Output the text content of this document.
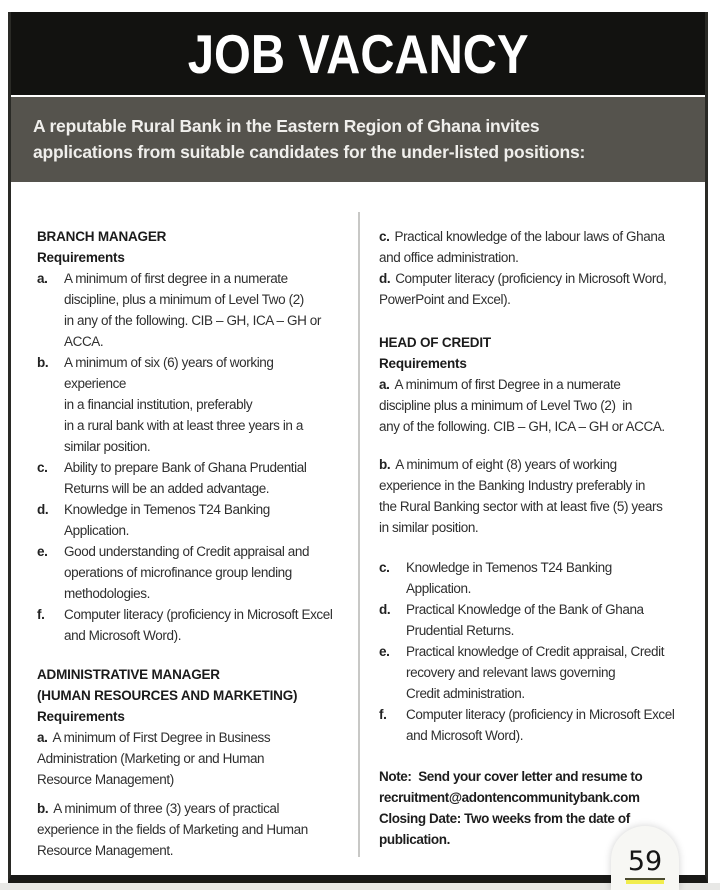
JOB VACANCY
A reputable Rural Bank in the Eastern Region of Ghana invites
applications from suitable candidates for the under-listed positions:
BRANCH MANAGER
Requirements
a. A minimum of first degree in a numerate
discipline, plus a minimum of Level Two (2)
in any of the following. CIB – GH, ICA – GH or
ACCA.
b. A minimum of six (6) years of working
experience
in a financial institution, preferably
in a rural bank with at least three years in a
similar position.
c. Ability to prepare Bank of Ghana Prudential
Returns will be an added advantage.
d. Knowledge in Temenos T24 Banking
Application.
e. Good understanding of Credit appraisal and
operations of microfinance group lending
methodologies.
f. Computer literacy (proficiency in Microsoft Excel
and Microsoft Word).
ADMINISTRATIVE MANAGER
(HUMAN RESOURCES AND MARKETING)
Requirements
a. A minimum of First Degree in Business
Administration (Marketing or and Human
Resource Management)
b. A minimum of three (3) years of practical
experience in the fields of Marketing and Human
Resource Management.
c. Practical knowledge of the labour laws of Ghana
and office administration.
d. Computer literacy (proficiency in Microsoft Word,
PowerPoint and Excel).
HEAD OF CREDIT
Requirements
a. A minimum of first Degree in a numerate
discipline plus a minimum of Level Two (2)  in
any of the following. CIB – GH, ICA – GH or ACCA.
b. A minimum of eight (8) years of working
experience in the Banking Industry preferably in
the Rural Banking sector with at least five (5) years
in similar position.
c. Knowledge in Temenos T24 Banking
Application.
d. Practical Knowledge of the Bank of Ghana
Prudential Returns.
e. Practical knowledge of Credit appraisal, Credit
recovery and relevant laws governing
Credit administration.
f. Computer literacy (proficiency in Microsoft Excel
and Microsoft Word).
Note:  Send your cover letter and resume to
recruitment@adontencommunitybank.com
Closing Date: Two weeks from the date of
publication.
59
